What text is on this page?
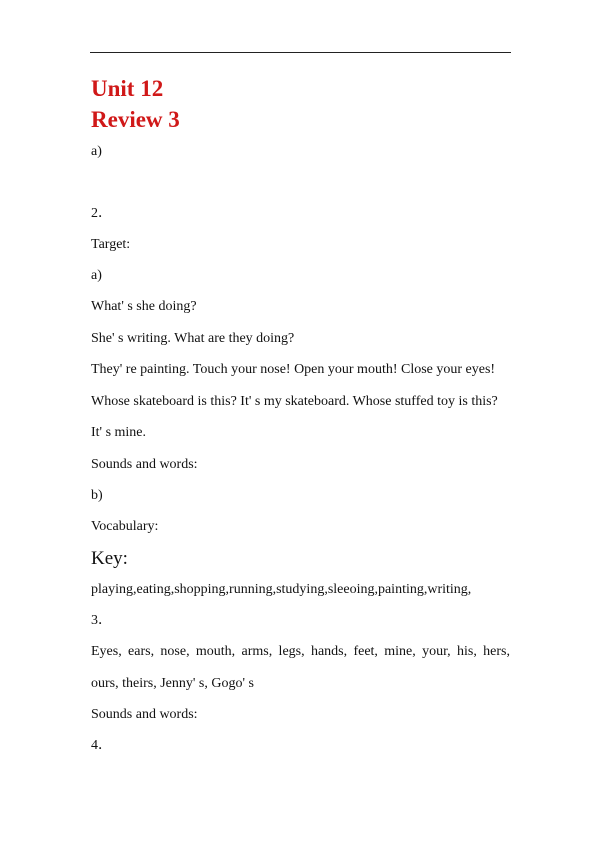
Unit 12
Review 3
a)
2．
Target:
a)
What' s she doing?
She' s writing. What are they doing?
They' re painting. Touch your nose! Open your mouth! Close your eyes!
Whose skateboard is this? It' s my skateboard. Whose stuffed toy is this?
It' s mine.
Sounds and words:
b)
Vocabulary:
Key:
playing,eating,shopping,running,studying,sleeoing,painting,writing,
3．
Eyes, ears, nose, mouth, arms, legs, hands, feet, mine, your, his, hers,
ours, theirs, Jenny' s, Gogo' s
Sounds and words:
4．
